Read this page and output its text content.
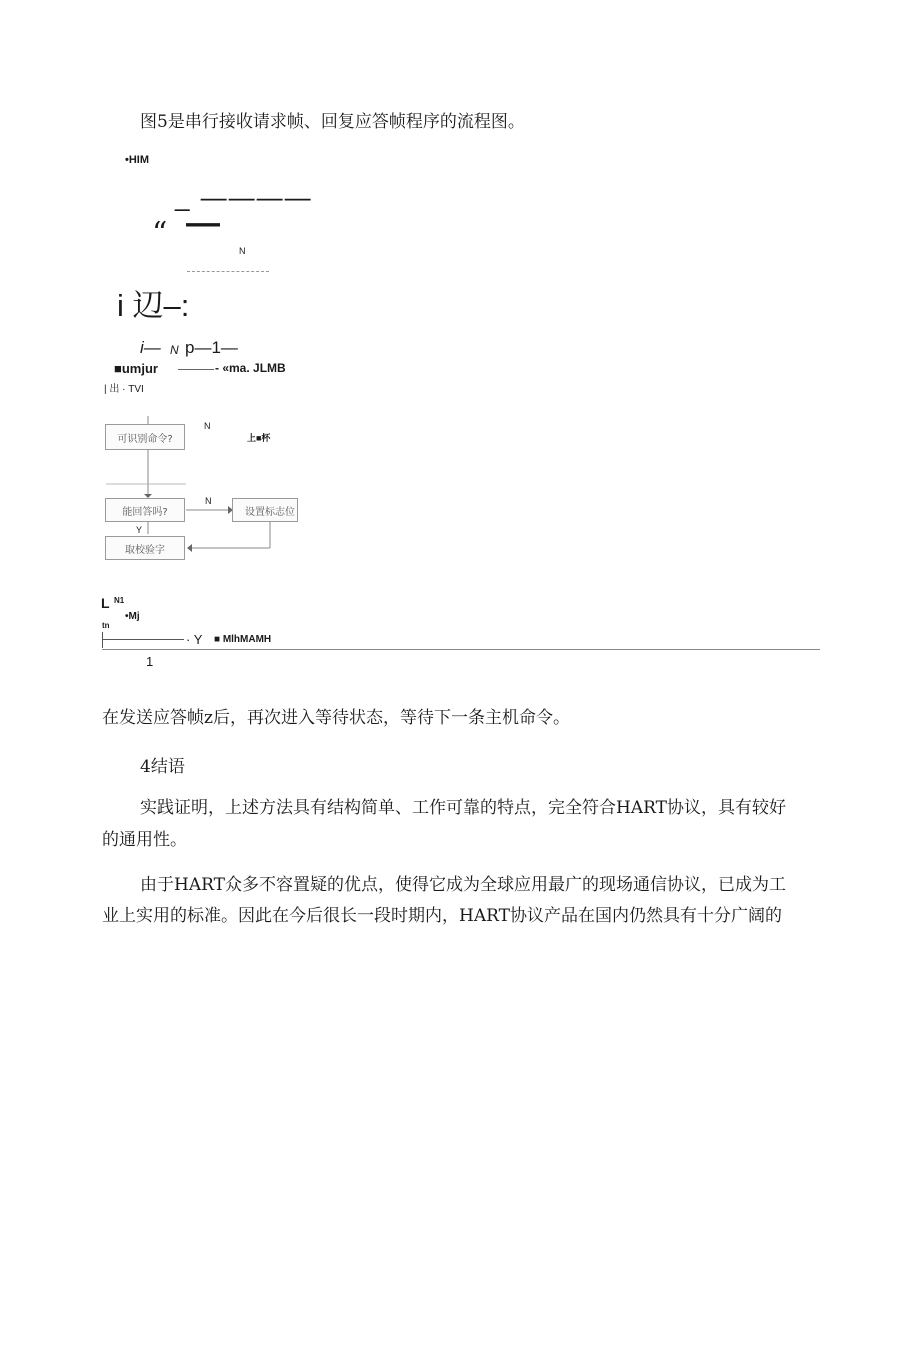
图5是串行接收请求帧、回复应答帧程序的流程图。
•HIM
_ ————
“ —
N
i 辺–:
i— N p—1—
■umjur	- «ma. JLMB
| 出 · TVI
可识别命令?
能回答吗?	设置标志位
取校验字
N
上■杯
N
Y
L N1
•Mj
tn
· Y ■ MlhMAMH
1
在发送应答帧z后，再次进入等待状态，等待下一条主机命令。
4结语
实践证明，上述方法具有结构简单、工作可靠的特点，完全符合HART协议，具有较好
的通用性。
由于HART众多不容置疑的优点，使得它成为全球应用最广的现场通信协议，已成为工
业上实用的标准。因此在今后很长一段时期内，HART协议产品在国内仍然具有十分广阔的
